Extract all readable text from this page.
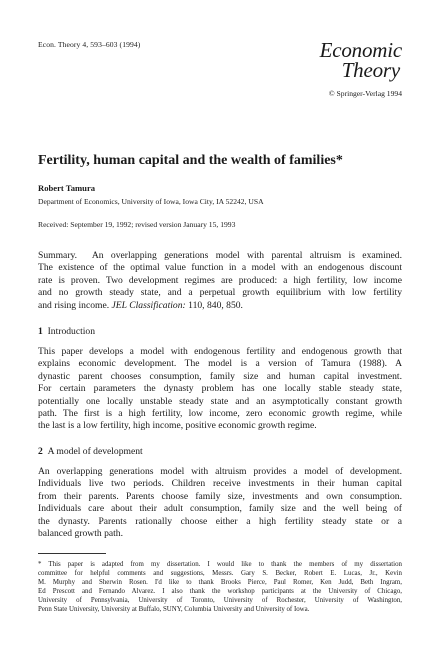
Econ. Theory 4, 593–603 (1994)	Economic
Theory
© Springer-Verlag 1994
Fertility, human capital and the wealth of families*
Robert Tamura
Department of Economics, University of Iowa, Iowa City, IA 52242, USA
Received: September 19, 1992; revised version January 15, 1993
Summary. An overlapping generations model with parental altruism is examined.
The existence of the optimal value function in a model with an endogenous discount
rate is proven. Two development regimes are produced: a high fertility, low income
and no growth steady state, and a perpetual growth equilibrium with low fertility
and rising income. JEL Classification: 110, 840, 850.
1 Introduction
This paper develops a model with endogenous fertility and endogenous growth that
explains economic development. The model is a version of Tamura (1988). A
dynastic parent chooses consumption, family size and human capital investment.
For certain parameters the dynasty problem has one locally stable steady state,
potentially one locally unstable steady state and an asymptotically constant growth
path. The first is a high fertility, low income, zero economic growth regime, while
the last is a low fertility, high income, positive economic growth regime.
2 A model of development
An overlapping generations model with altruism provides a model of development.
Individuals live two periods. Children receive investments in their human capital
from their parents. Parents choose family size, investments and own consumption.
Individuals care about their adult consumption, family size and the well being of
the dynasty. Parents rationally choose either a high fertility steady state or a
balanced growth path.
* This paper is adapted from my dissertation. I would like to thank the members of my dissertation
committee for helpful comments and suggestions, Messrs. Gary S. Becker, Robert E. Lucas, Jr., Kevin
M. Murphy and Sherwin Rosen. I'd like to thank Brooks Pierce, Paul Romer, Ken Judd, Beth Ingram,
Ed Prescott and Fernando Alvarez. I also thank the workshop participants at the University of Chicago,
University of Pennsylvania, University of Toronto, University of Rochester, University of Washington,
Penn State University, University at Buffalo, SUNY, Columbia University and University of Iowa.
